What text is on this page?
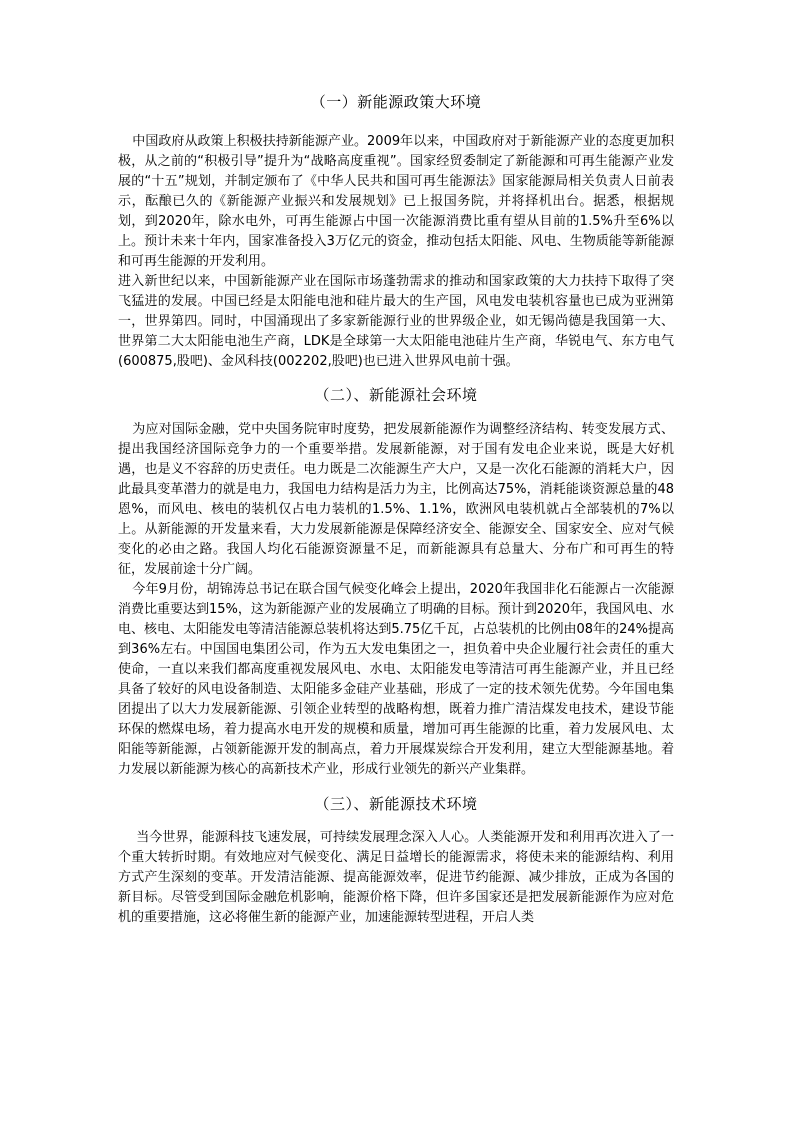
（一）新能源政策大环境

中国政府从政策上积极扶持新能源产业。2009年以来，中国政府对于新能源产业的态度更加积极，从之前的“积极引导”提升为“战略高度重视”。国家经贸委制定了新能源和可再生能源产业发展的“十五”规划，并制定颁布了《中华人民共和国可再生能源法》国家能源局相关负责人日前表示，酝酿已久的《新能源产业振兴和发展规划》已上报国务院，并将择机出台。据悉，根据规划，到2020年，除水电外，可再生能源占中国一次能源消费比重有望从目前的1.5%升至6%以上。预计未来十年内，国家准备投入3万亿元的资金，推动包括太阳能、风电、生物质能等新能源和可再生能源的开发利用。

进入新世纪以来，中国新能源产业在国际市场蓬勃需求的推动和国家政策的大力扶持下取得了突飞猛进的发展。中国已经是太阳能电池和硅片最大的生产国，风电发电装机容量也已成为亚洲第一，世界第四。同时，中国涌现出了多家新能源行业的世界级企业，如无锡尚德是我国第一大、世界第二大太阳能电池生产商，LDK是全球第一大太阳能电池硅片生产商，华锐电气、东方电气(600875,股吧)、金风科技(002202,股吧)也已进入世界风电前十强。

（二）、新能源社会环境

为应对国际金融，党中央国务院审时度势，把发展新能源作为调整经济结构、转变发展方式、提出我国经济国际竞争力的一个重要举措。发展新能源，对于国有发电企业来说，既是大好机遇，也是义不容辞的历史责任。电力既是二次能源生产大户，又是一次化石能源的消耗大户，因此最具变革潜力的就是电力，我国电力结构是活力为主，比例高达75%，消耗能谈资源总量的48恩%，而风电、核电的装机仅占电力装机的1.5%、1.1%，欧洲风电装机就占全部装机的7%以上。从新能源的开发量来看，大力发展新能源是保障经济安全、能源安全、国家安全、应对气候变化的必由之路。我国人均化石能源资源量不足，而新能源具有总量大、分布广和可再生的特征，发展前途十分广阔。

今年9月份，胡锦涛总书记在联合国气候变化峰会上提出，2020年我国非化石能源占一次能源消费比重要达到15%，这为新能源产业的发展确立了明确的目标。预计到2020年，我国风电、水电、核电、太阳能发电等清洁能源总装机将达到5.75亿千瓦，占总装机的比例由08年的24%提高到36%左右。中国国电集团公司，作为五大发电集团之一，担负着中央企业履行社会责任的重大使命，一直以来我们都高度重视发展风电、水电、太阳能发电等清洁可再生能源产业，并且已经具备了较好的风电设备制造、太阳能多金硅产业基础，形成了一定的技术领先优势。今年国电集团提出了以大力发展新能源、引领企业转型的战略构想，既着力推广清洁煤发电技术，建设节能环保的燃煤电场，着力提高水电开发的规模和质量，增加可再生能源的比重，着力发展风电、太阳能等新能源，占领新能源开发的制高点，着力开展煤炭综合开发利用，建立大型能源基地。着力发展以新能源为核心的高新技术产业，形成行业领先的新兴产业集群。

（三）、新能源技术环境

当今世界，能源科技飞速发展，可持续发展理念深入人心。人类能源开发和利用再次进入了一个重大转折时期。有效地应对气候变化、满足日益增长的能源需求，将使未来的能源结构、利用方式产生深刻的变革。开发清洁能源、提高能源效率，促进节约能源、减少排放，正成为各国的新目标。尽管受到国际金融危机影响，能源价格下降，但许多国家还是把发展新能源作为应对危机的重要措施，这必将催生新的能源产业，加速能源转型进程，开启人类
